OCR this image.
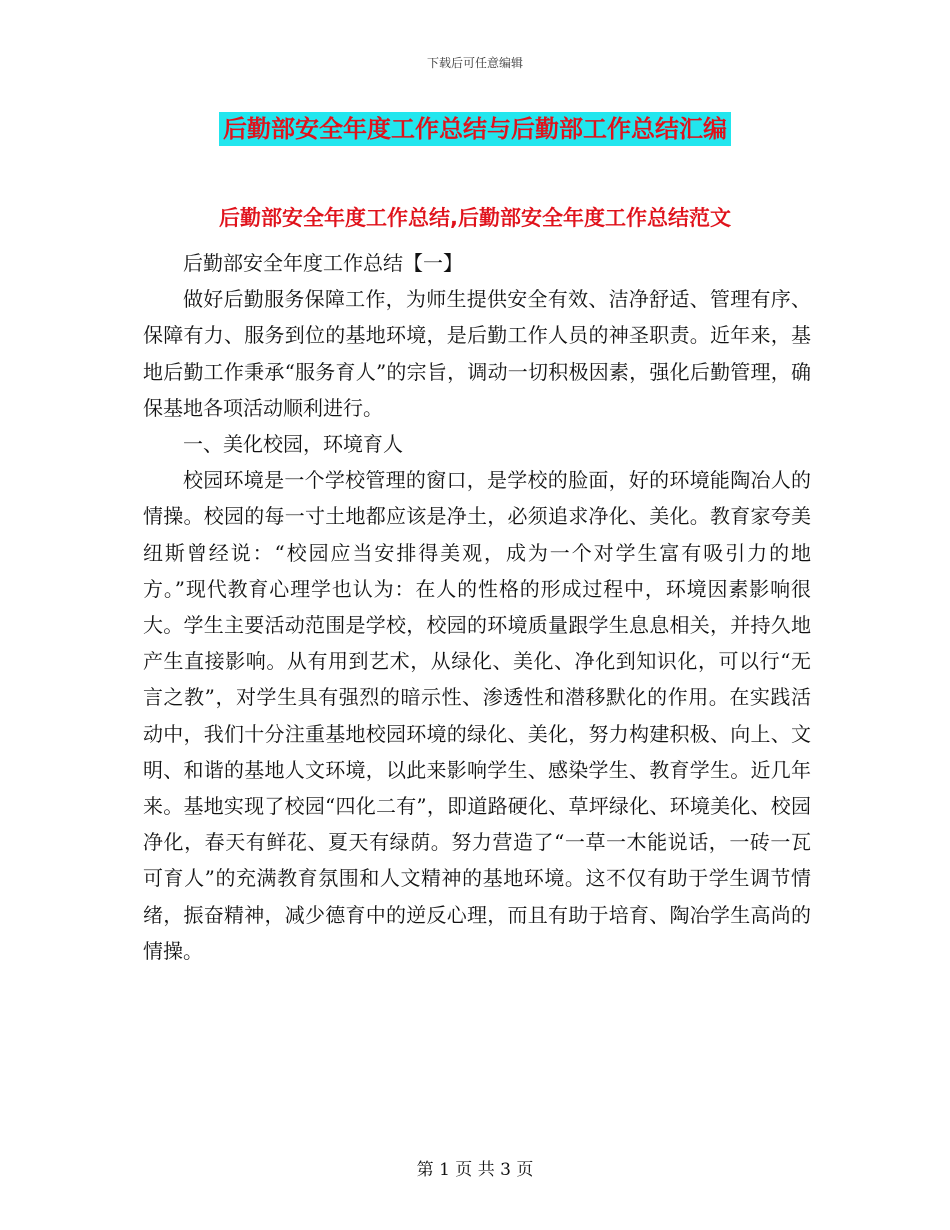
下载后可任意编辑
后勤部安全年度工作总结与后勤部工作总结汇编
后勤部安全年度工作总结,后勤部安全年度工作总结范文

后勤部安全年度工作总结【一】

做好后勤服务保障工作，为师生提供安全有效、洁净舒适、管理有序、保障有力、服务到位的基地环境，是后勤工作人员的神圣职责。近年来，基地后勤工作秉承“服务育人”的宗旨，调动一切积极因素，强化后勤管理，确保基地各项活动顺利进行。

一、美化校园，环境育人

校园环境是一个学校管理的窗口，是学校的脸面，好的环境能陶冶人的情操。校园的每一寸土地都应该是净土，必须追求净化、美化。教育家夸美纽斯曾经说：“校园应当安排得美观，成为一个对学生富有吸引力的地方。”现代教育心理学也认为：在人的性格的形成过程中，环境因素影响很大。学生主要活动范围是学校，校园的环境质量跟学生息息相关，并持久地产生直接影响。从有用到艺术，从绿化、美化、净化到知识化，可以行“无言之教”，对学生具有强烈的暗示性、渗透性和潜移默化的作用。在实践活动中，我们十分注重基地校园环境的绿化、美化，努力构建积极、向上、文明、和谐的基地人文环境，以此来影响学生、感染学生、教育学生。近几年来。基地实现了校园“四化二有”，即道路硬化、草坪绿化、环境美化、校园净化，春天有鲜花、夏天有绿荫。努力营造了“一草一木能说话，一砖一瓦可育人”的充满教育氛围和人文精神的基地环境。这不仅有助于学生调节情绪，振奋精神，减少德育中的逆反心理，而且有助于培育、陶冶学生高尚的情操。

第 1 页 共 3 页
